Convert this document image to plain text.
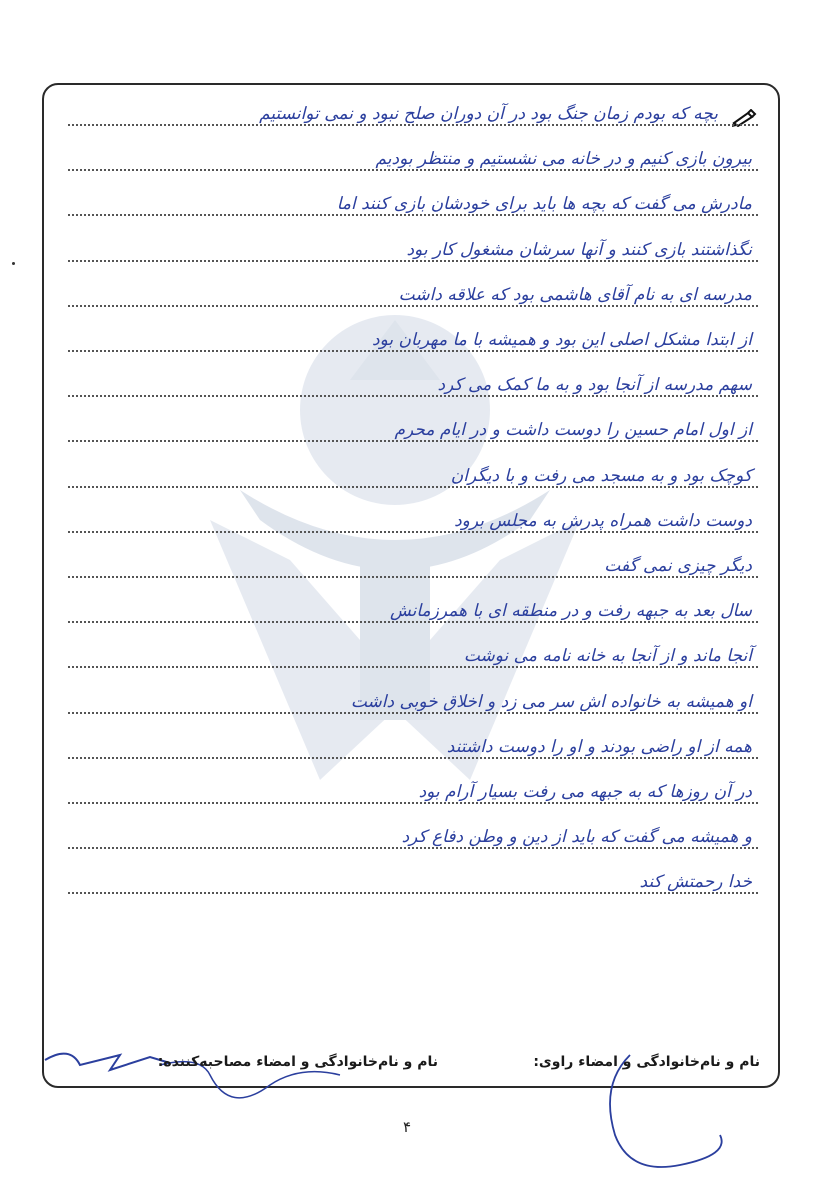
بچه که بودم زمان جنگ بود در آن دوران صلح نبود و نمی توانستیم
بیرون بازی کنیم و در خانه می نشستیم و منتظر بودیم
مادرش می گفت که بچه ها باید برای خودشان بازی کنند اما
نگذاشتند بازی کنند و آنها سرشان مشغول کار بود
مدرسه ای به نام آقای هاشمی بود که علاقه داشت
از ابتدا مشکل اصلی این بود و همیشه با ما مهربان بود
سهم مدرسه از آنجا بود و به ما کمک می کرد
از اول امام حسین را دوست داشت و در ایام محرم
کوچک بود و به مسجد می رفت و با دیگران
دوست داشت همراه پدرش به مجلس برود
دیگر چیزی نمی گفت
سال بعد به جبهه رفت و در منطقه ای با همرزمانش
آنجا ماند و از آنجا به خانه نامه می نوشت
او همیشه به خانواده اش سر می زد و اخلاق خوبی داشت
همه از او راضی بودند و او را دوست داشتند
در آن روزها که به جبهه می رفت بسیار آرام بود
و همیشه می گفت که باید از دین و وطن دفاع کرد
خدا رحمتش کند
نام و نام‌خانوادگی و امضاء راوی:
نام و نام‌خانوادگی و امضاء مصاحبه‌کننده:
۴
